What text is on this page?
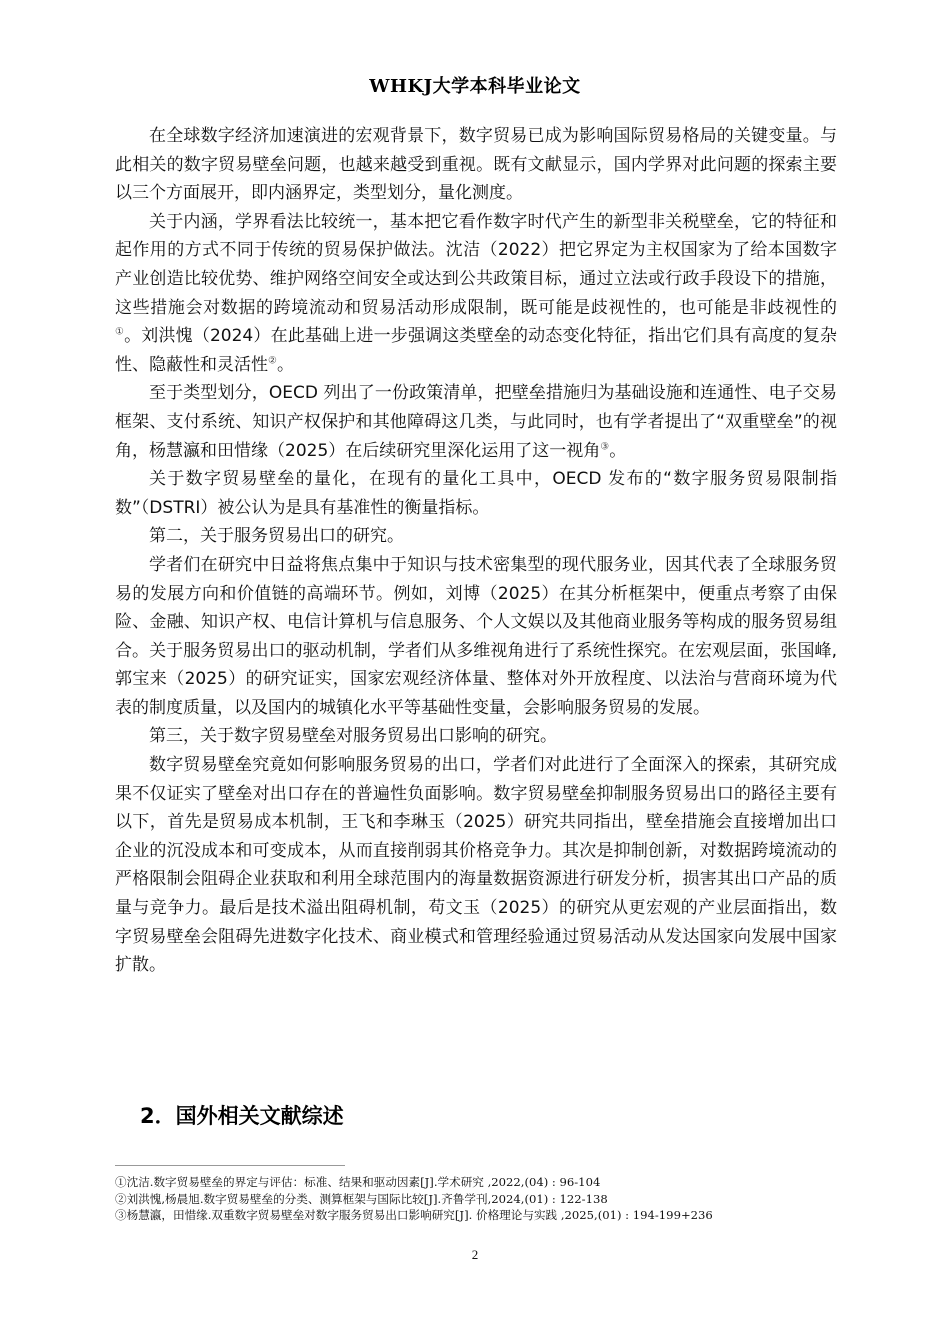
WHKJ大学本科毕业论文

在全球数字经济加速演进的宏观背景下，数字贸易已成为影响国际贸易格局的关键变量。与此相关的数字贸易壁垒问题，也越来越受到重视。既有文献显示，国内学界对此问题的探索主要以三个方面展开，即内涵界定，类型划分，量化测度。

关于内涵，学界看法比较统一，基本把它看作数字时代产生的新型非关税壁垒，它的特征和起作用的方式不同于传统的贸易保护做法。沈洁（2022）把它界定为主权国家为了给本国数字产业创造比较优势、维护网络空间安全或达到公共政策目标，通过立法或行政手段设下的措施，这些措施会对数据的跨境流动和贸易活动形成限制，既可能是歧视性的，也可能是非歧视性的①。刘洪愧（2024）在此基础上进一步强调这类壁垒的动态变化特征，指出它们具有高度的复杂性、隐蔽性和灵活性②。

至于类型划分，OECD 列出了一份政策清单，把壁垒措施归为基础设施和连通性、电子交易框架、支付系统、知识产权保护和其他障碍这几类，与此同时，也有学者提出了“双重壁垒”的视角，杨慧瀛和田惜缘（2025）在后续研究里深化运用了这一视角③。

关于数字贸易壁垒的量化，在现有的量化工具中，OECD 发布的“数字服务贸易限制指数”（DSTRI）被公认为是具有基准性的衡量指标。

第二，关于服务贸易出口的研究。

学者们在研究中日益将焦点集中于知识与技术密集型的现代服务业，因其代表了全球服务贸易的发展方向和价值链的高端环节。例如，刘博（2025）在其分析框架中，便重点考察了由保险、金融、知识产权、电信计算机与信息服务、个人文娱以及其他商业服务等构成的服务贸易组合。关于服务贸易出口的驱动机制，学者们从多维视角进行了系统性探究。在宏观层面，张国峰,郭宝来（2025）的研究证实，国家宏观经济体量、整体对外开放程度、以法治与营商环境为代表的制度质量，以及国内的城镇化水平等基础性变量，会影响服务贸易的发展。

第三，关于数字贸易壁垒对服务贸易出口影响的研究。

数字贸易壁垒究竟如何影响服务贸易的出口，学者们对此进行了全面深入的探索，其研究成果不仅证实了壁垒对出口存在的普遍性负面影响。数字贸易壁垒抑制服务贸易出口的路径主要有以下，首先是贸易成本机制，王飞和李琳玉（2025）研究共同指出，壁垒措施会直接增加出口企业的沉没成本和可变成本，从而直接削弱其价格竞争力。其次是抑制创新，对数据跨境流动的严格限制会阻碍企业获取和利用全球范围内的海量数据资源进行研发分析，损害其出口产品的质量与竞争力。最后是技术溢出阻碍机制，苟文玉（2025）的研究从更宏观的产业层面指出，数字贸易壁垒会阻碍先进数字化技术、商业模式和管理经验通过贸易活动从发达国家向发展中国家扩散。

2．国外相关文献综述
①沈洁.数字贸易壁垒的界定与评估：标准、结果和驱动因素[J].学术研究 ,2022,(04) : 96-104
②刘洪愧,杨晨旭.数字贸易壁垒的分类、测算框架与国际比较[J].齐鲁学刊,2024,(01) : 122-138
③杨慧瀛，田惜缘.双重数字贸易壁垒对数字服务贸易出口影响研究[J]. 价格理论与实践 ,2025,(01) : 194-199+236
2
